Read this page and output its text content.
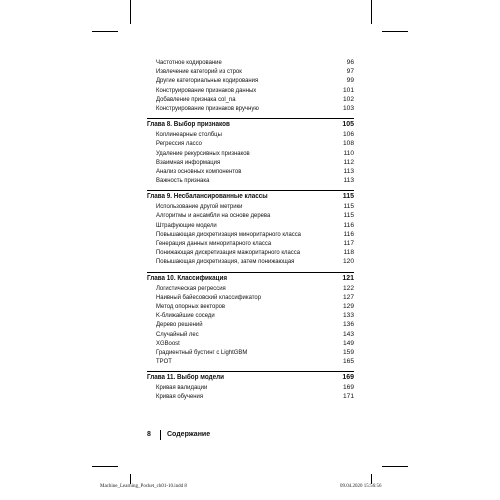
Частотное кодирование	96
Извлечение категорий из строк	97
Другие категориальные кодирования	99
Конструирование признаков данных	101
Добавление признака col_na	102
Конструирование признаков вручную	103
Глава 8. Выбор признаков	105
Коллинеарные столбцы	106
Регрессия лассо	108
Удаление рекурсивных признаков	110
Взаимная информация	112
Анализ основных компонентов	113
Важность признака	113
Глава 9. Несбалансированные классы	115
Использование другой метрики	115
Алгоритмы и ансамбли на основе дерева	115
Штрафующие модели	116
Повышающая дискретизация миноритарного класса	116
Генерация данных миноритарного класса	117
Понижающая дискретизация мажоритарного класса	118
Повышающая дискретизация, затем понижающая	120
Глава 10. Классификация	121
Логистическая регрессия	122
Наивный байесовский классификатор	127
Метод опорных векторов	129
K-ближайшие соседи	133
Дерево решений	136
Случайный лес	143
XGBoost	149
Градиентный бустинг с LightGBM	159
TPOT	165
Глава 11. Выбор модели	169
Кривая валидации	169
Кривая обучения	171
8 Содержание
Machine_Learning_Pocket_ch01-10.indd 8	09.04.2020 15:56:56
